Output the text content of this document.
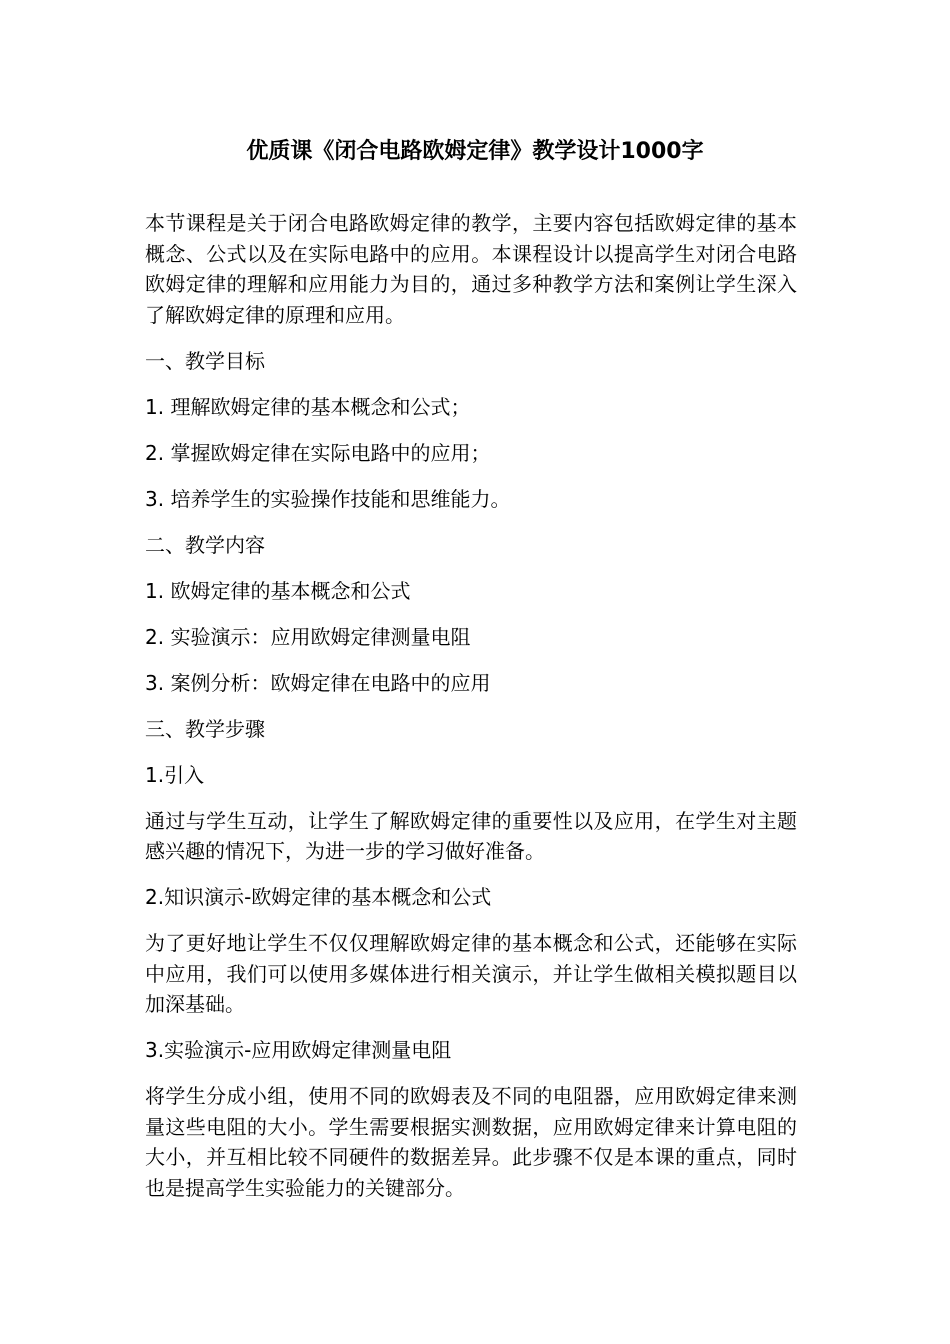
优质课《闭合电路欧姆定律》教学设计1000字

本节课程是关于闭合电路欧姆定律的教学，主要内容包括欧姆定律的基本概念、公式以及在实际电路中的应用。本课程设计以提高学生对闭合电路欧姆定律的理解和应用能力为目的，通过多种教学方法和案例让学生深入了解欧姆定律的原理和应用。

一、教学目标
1. 理解欧姆定律的基本概念和公式；
2. 掌握欧姆定律在实际电路中的应用；
3. 培养学生的实验操作技能和思维能力。
二、教学内容
1. 欧姆定律的基本概念和公式
2. 实验演示：应用欧姆定律测量电阻
3. 案例分析：欧姆定律在电路中的应用
三、教学步骤
1.引入

通过与学生互动，让学生了解欧姆定律的重要性以及应用，在学生对主题感兴趣的情况下，为进一步的学习做好准备。

2.知识演示-欧姆定律的基本概念和公式

为了更好地让学生不仅仅理解欧姆定律的基本概念和公式，还能够在实际中应用，我们可以使用多媒体进行相关演示，并让学生做相关模拟题目以加深基础。

3.实验演示-应用欧姆定律测量电阻

将学生分成小组，使用不同的欧姆表及不同的电阻器，应用欧姆定律来测量这些电阻的大小。学生需要根据实测数据，应用欧姆定律来计算电阻的大小，并互相比较不同硬件的数据差异。此步骤不仅是本课的重点，同时也是提高学生实验能力的关键部分。
